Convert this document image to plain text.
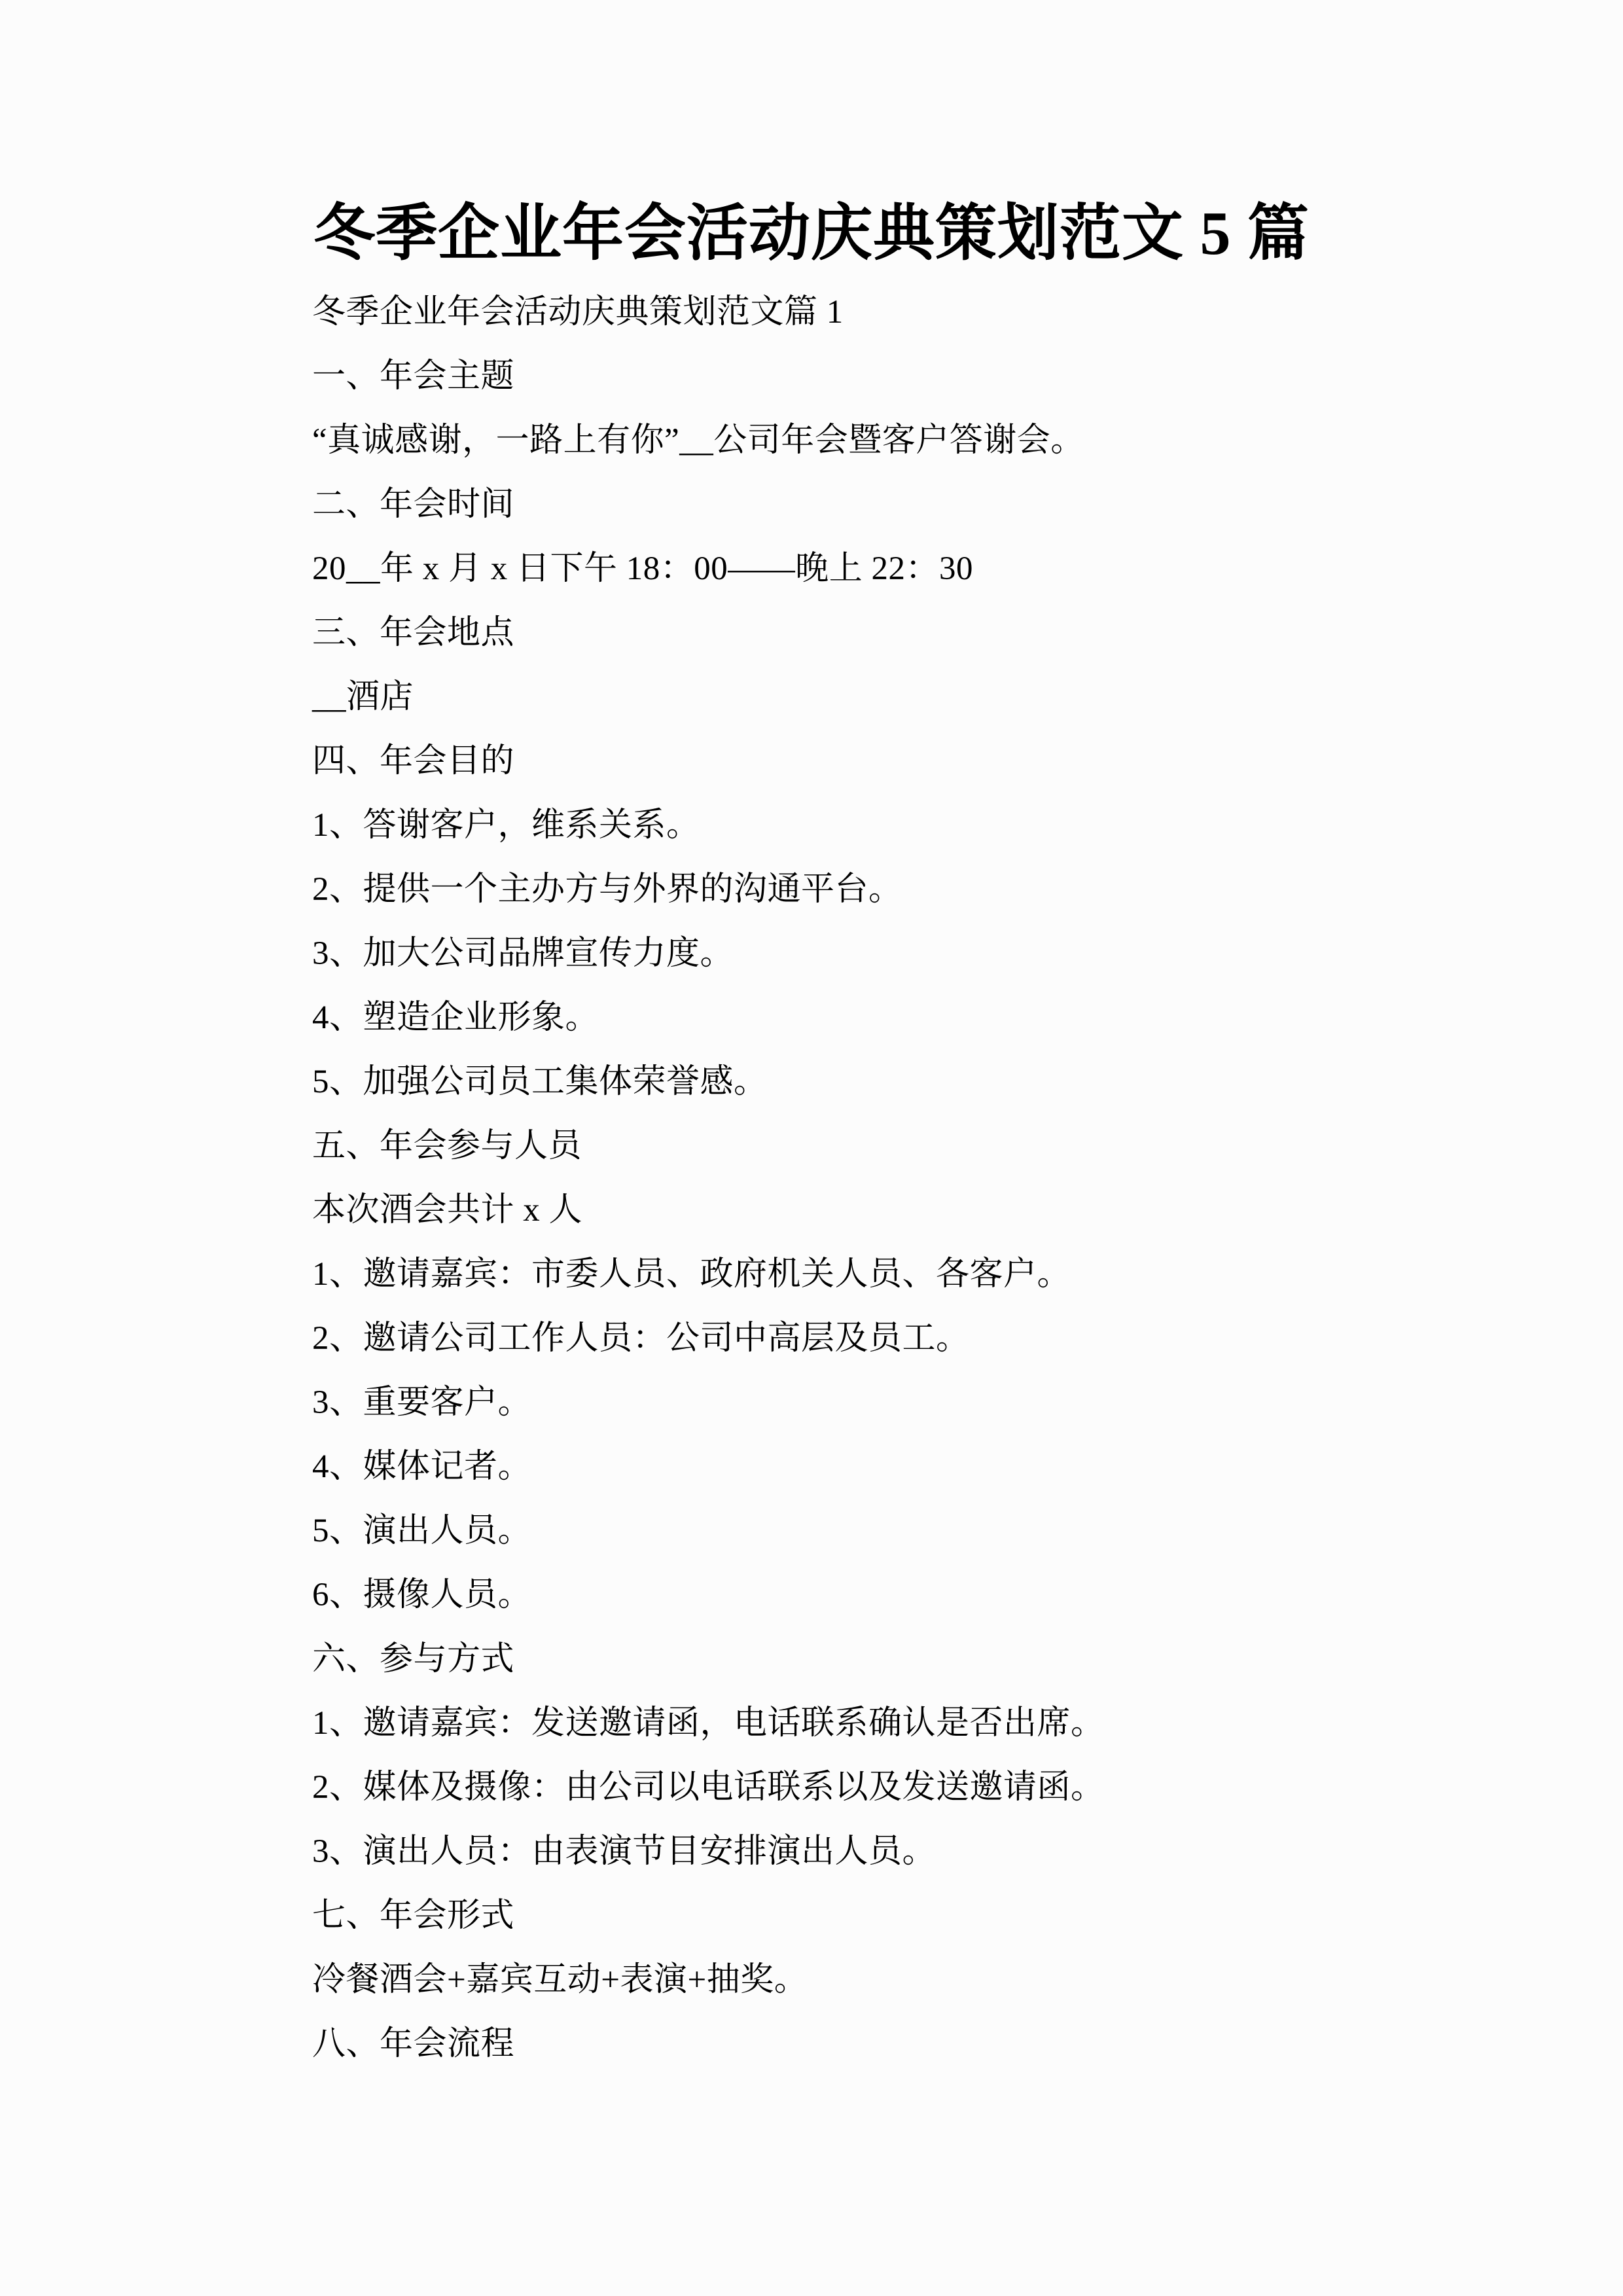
冬季企业年会活动庆典策划范文 5 篇

冬季企业年会活动庆典策划范文篇 1

一、年会主题

“真诚感谢，一路上有你”__公司年会暨客户答谢会。

二、年会时间

20__年 x 月 x 日下午 18：00——晚上 22：30

三、年会地点

__酒店

四、年会目的

1、答谢客户，维系关系。

2、提供一个主办方与外界的沟通平台。

3、加大公司品牌宣传力度。

4、塑造企业形象。

5、加强公司员工集体荣誉感。

五、年会参与人员

本次酒会共计 x 人

1、邀请嘉宾：市委人员、政府机关人员、各客户。

2、邀请公司工作人员：公司中高层及员工。

3、重要客户。

4、媒体记者。

5、演出人员。

6、摄像人员。

六、参与方式

1、邀请嘉宾：发送邀请函，电话联系确认是否出席。

2、媒体及摄像：由公司以电话联系以及发送邀请函。

3、演出人员：由表演节目安排演出人员。

七、年会形式

冷餐酒会+嘉宾互动+表演+抽奖。

八、年会流程
